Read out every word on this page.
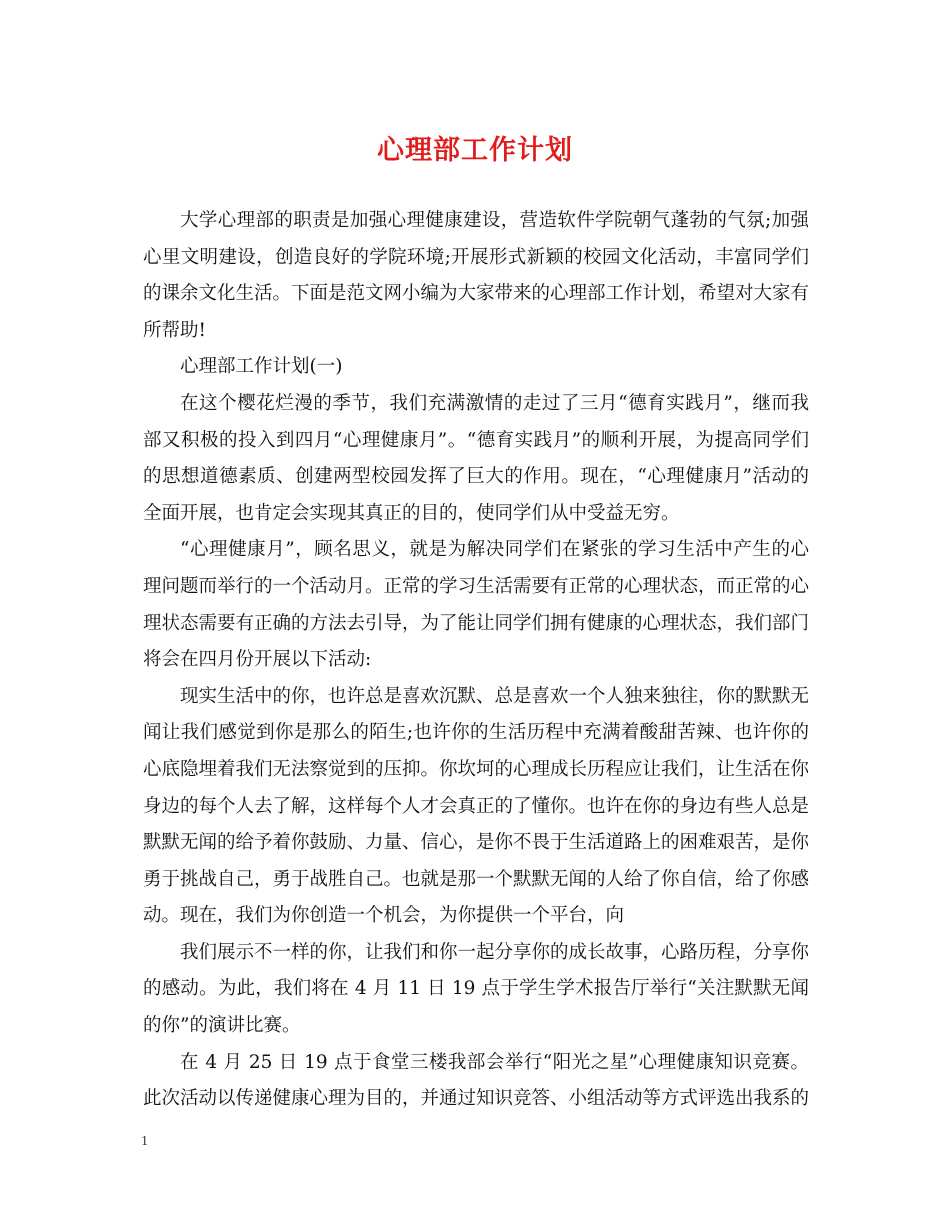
心理部工作计划

大学心理部的职责是加强心理健康建设，营造软件学院朝气蓬勃的气氛;加强心里文明建设，创造良好的学院环境;开展形式新颖的校园文化活动，丰富同学们的课余文化生活。下面是范文网小编为大家带来的心理部工作计划，希望对大家有所帮助!

心理部工作计划(一)

在这个樱花烂漫的季节，我们充满激情的走过了三月“德育实践月”，继而我部又积极的投入到四月“心理健康月”。“德育实践月”的顺利开展，为提高同学们的思想道德素质、创建两型校园发挥了巨大的作用。现在，“心理健康月”活动的全面开展，也肯定会实现其真正的目的，使同学们从中受益无穷。

“心理健康月”，顾名思义，就是为解决同学们在紧张的学习生活中产生的心理问题而举行的一个活动月。正常的学习生活需要有正常的心理状态，而正常的心理状态需要有正确的方法去引导，为了能让同学们拥有健康的心理状态，我们部门将会在四月份开展以下活动:

现实生活中的你，也许总是喜欢沉默、总是喜欢一个人独来独往，你的默默无闻让我们感觉到你是那么的陌生;也许你的生活历程中充满着酸甜苦辣、也许你的心底隐埋着我们无法察觉到的压抑。你坎坷的心理成长历程应让我们，让生活在你身边的每个人去了解，这样每个人才会真正的了懂你。也许在你的身边有些人总是默默无闻的给予着你鼓励、力量、信心，是你不畏于生活道路上的困难艰苦，是你勇于挑战自己，勇于战胜自己。也就是那一个默默无闻的人给了你自信，给了你感动。现在，我们为你创造一个机会，为你提供一个平台，向

我们展示不一样的你，让我们和你一起分享你的成长故事，心路历程，分享你的感动。为此，我们将在 4 月 11 日 19 点于学生学术报告厅举行“关注默默无闻的你”的演讲比赛。

在 4 月 25 日 19 点于食堂三楼我部会举行“阳光之星”心理健康知识竞赛。此次活动以传递健康心理为目的，并通过知识竞答、小组活动等方式评选出我系的

1
